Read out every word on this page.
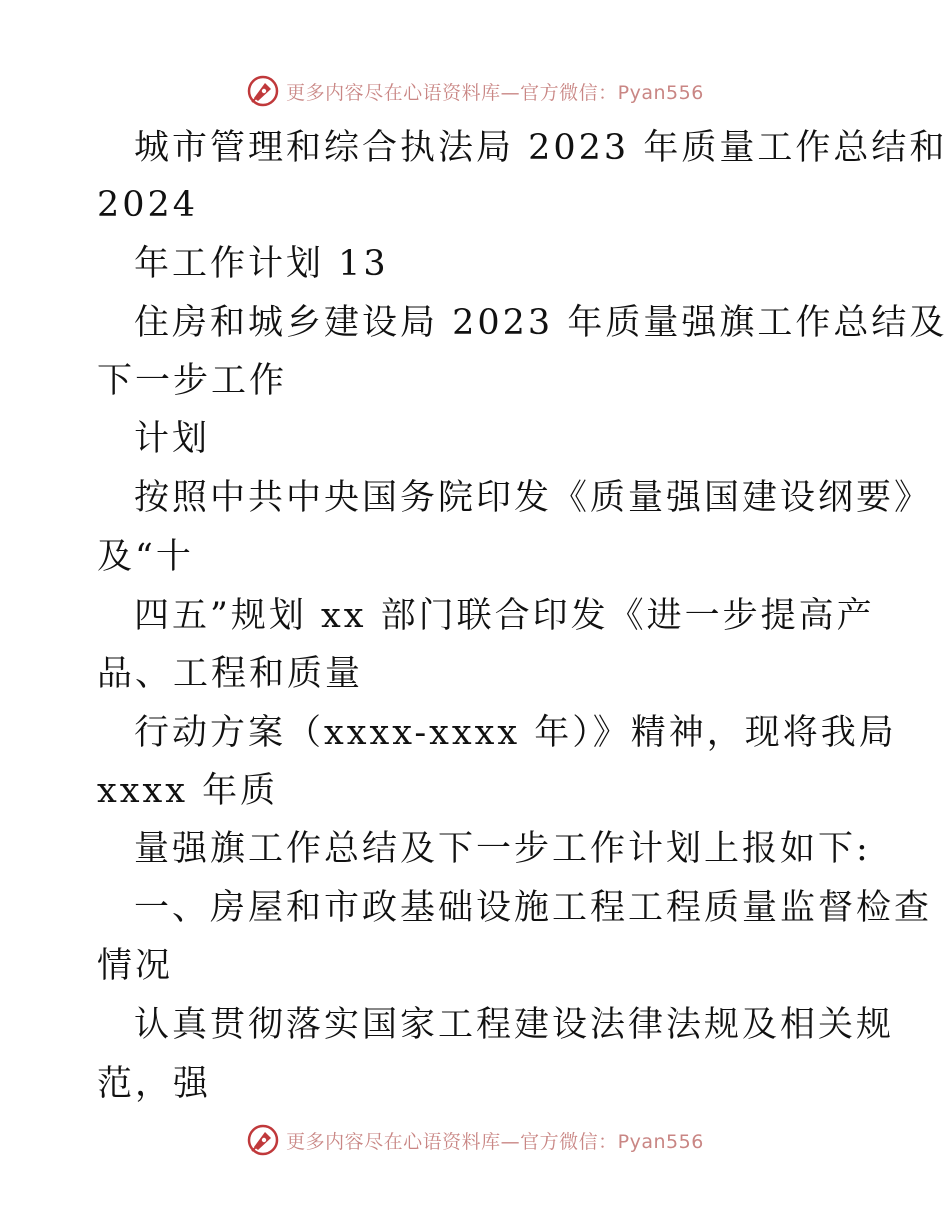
更多内容尽在心语资料库—官方微信：Pyan556
城市管理和综合执法局 2023 年质量工作总结和
2024
年工作计划 13
住房和城乡建设局 2023 年质量强旗工作总结及
下一步工作
计划
按照中共中央国务院印发《质量强国建设纲要》
及“十
四五”规划 xx 部门联合印发《进一步提高产
品、工程和质量
行动方案（xxxx-xxxx 年）》精神，现将我局
xxxx 年质
量强旗工作总结及下一步工作计划上报如下:
一、房屋和市政基础设施工程工程质量监督检查
情况
认真贯彻落实国家工程建设法律法规及相关规
范，强
更多内容尽在心语资料库—官方微信：Pyan556
